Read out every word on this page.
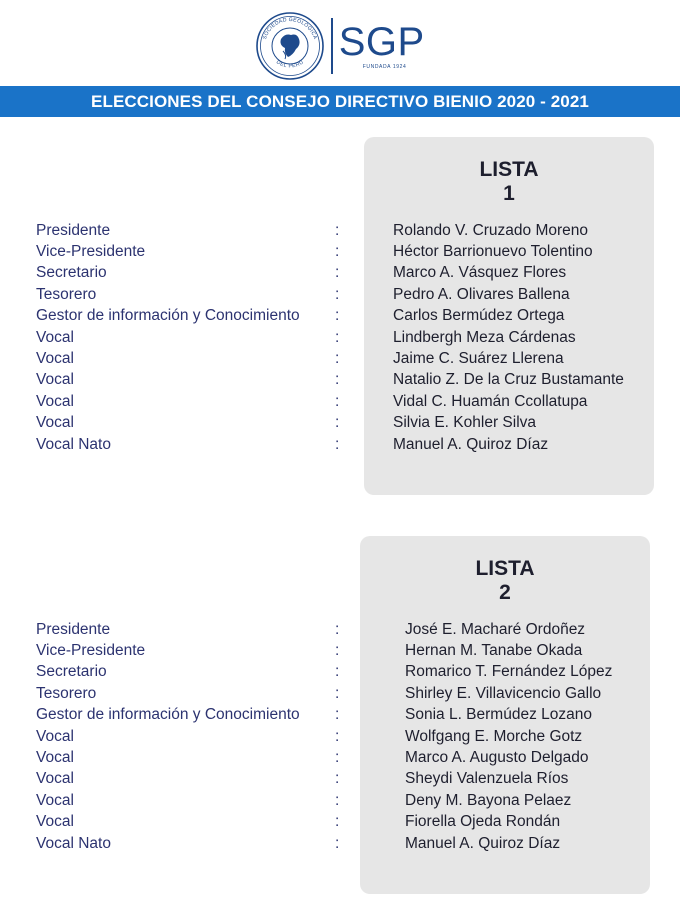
SOCIEDAD GEOLÓGICA
DEL PERÚ SGP
FUNDADA 1924
ELECCIONES DEL CONSEJO DIRECTIVO BIENIO 2020 - 2021
LISTA
1
Presidente
Vice-Presidente
Secretario
Tesorero
Gestor de información y Conocimiento
Vocal
Vocal
Vocal
Vocal
Vocal
Vocal Nato
:
:
:
:
:
:
:
:
:
:
:
Rolando V. Cruzado Moreno
Héctor Barrionuevo Tolentino
Marco A. Vásquez Flores
Pedro A. Olivares Ballena
Carlos Bermúdez Ortega
Lindbergh Meza Cárdenas
Jaime C. Suárez Llerena
Natalio Z. De la Cruz Bustamante
Vidal C. Huamán Ccollatupa
Silvia E. Kohler Silva
Manuel A. Quiroz Díaz
LISTA
2
Presidente
Vice-Presidente
Secretario
Tesorero
Gestor de información y Conocimiento
Vocal
Vocal
Vocal
Vocal
Vocal
Vocal Nato
:
:
:
:
:
:
:
:
:
:
:
José E. Macharé Ordoñez
Hernan M. Tanabe Okada
Romarico T. Fernández López
Shirley E. Villavicencio Gallo
Sonia L. Bermúdez Lozano
Wolfgang E. Morche Gotz
Marco A. Augusto Delgado
Sheydi Valenzuela Ríos
Deny M. Bayona Pelaez
Fiorella Ojeda Rondán
Manuel A. Quiroz Díaz
